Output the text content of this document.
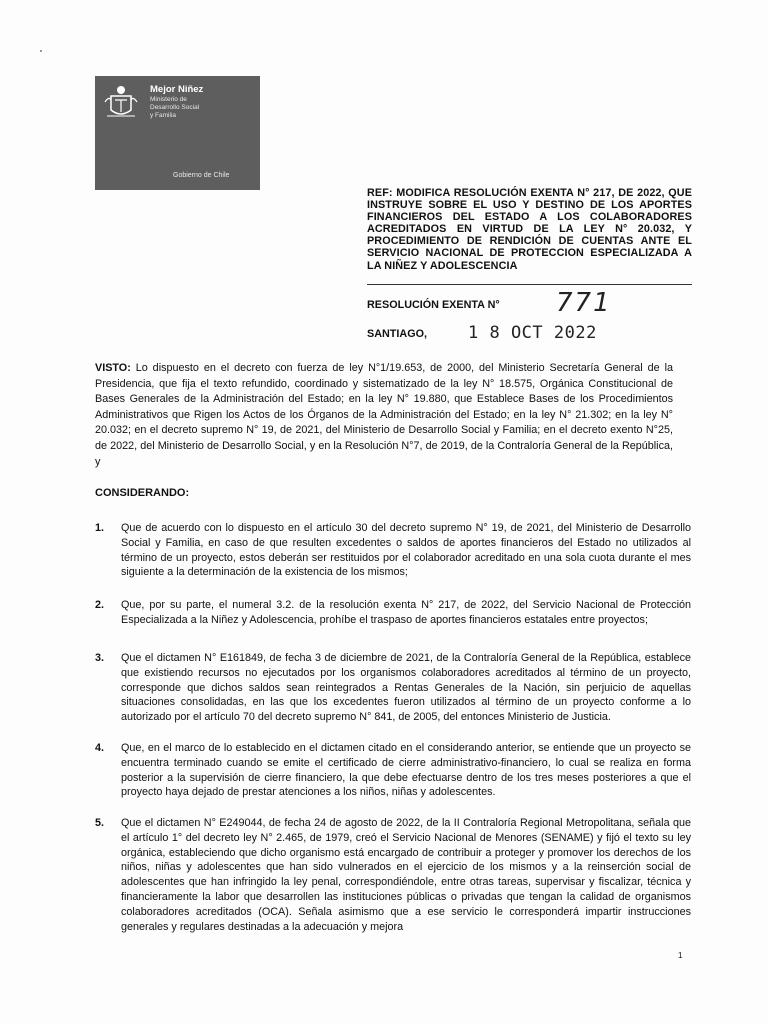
Mejor Niñez
Ministerio de
Desarrollo Social
y Familia
Gobierno de Chile
REF: MODIFICA RESOLUCIÓN EXENTA N° 217, DE 2022, QUE INSTRUYE SOBRE EL USO Y DESTINO DE LOS APORTES FINANCIEROS DEL ESTADO A LOS COLABORADORES ACREDITADOS EN VIRTUD DE LA LEY N° 20.032, Y PROCEDIMIENTO DE RENDICIÓN DE CUENTAS ANTE EL SERVICIO NACIONAL DE PROTECCION ESPECIALIZADA A LA NIÑEZ Y ADOLESCENCIA
RESOLUCIÓN EXENTA N° 771
SANTIAGO, 1 8 OCT 2022
VISTO: Lo dispuesto en el decreto con fuerza de ley N°1/19.653, de 2000, del Ministerio Secretaría General de la Presidencia, que fija el texto refundido, coordinado y sistematizado de la ley N° 18.575, Orgánica Constitucional de Bases Generales de la Administración del Estado; en la ley N° 19.880, que Establece Bases de los Procedimientos Administrativos que Rigen los Actos de los Órganos de la Administración del Estado; en la ley N° 21.302; en la ley N° 20.032; en el decreto supremo N° 19, de 2021, del Ministerio de Desarrollo Social y Familia; en el decreto exento N°25, de 2022, del Ministerio de Desarrollo Social, y en la Resolución N°7, de 2019, de la Contraloría General de la República, y
CONSIDERANDO:
1. Que de acuerdo con lo dispuesto en el artículo 30 del decreto supremo N° 19, de 2021, del Ministerio de Desarrollo Social y Familia, en caso de que resulten excedentes o saldos de aportes financieros del Estado no utilizados al término de un proyecto, estos deberán ser restituidos por el colaborador acreditado en una sola cuota durante el mes siguiente a la determinación de la existencia de los mismos;
2. Que, por su parte, el numeral 3.2. de la resolución exenta N° 217, de 2022, del Servicio Nacional de Protección Especializada a la Niñez y Adolescencia, prohíbe el traspaso de aportes financieros estatales entre proyectos;
3. Que el dictamen N° E161849, de fecha 3 de diciembre de 2021, de la Contraloría General de la República, establece que existiendo recursos no ejecutados por los organismos colaboradores acreditados al término de un proyecto, corresponde que dichos saldos sean reintegrados a Rentas Generales de la Nación, sin perjuicio de aquellas situaciones consolidadas, en las que los excedentes fueron utilizados al término de un proyecto conforme a lo autorizado por el artículo 70 del decreto supremo N° 841, de 2005, del entonces Ministerio de Justicia.
4. Que, en el marco de lo establecido en el dictamen citado en el considerando anterior, se entiende que un proyecto se encuentra terminado cuando se emite el certificado de cierre administrativo-financiero, lo cual se realiza en forma posterior a la supervisión de cierre financiero, la que debe efectuarse dentro de los tres meses posteriores a que el proyecto haya dejado de prestar atenciones a los niños, niñas y adolescentes.
5. Que el dictamen N° E249044, de fecha 24 de agosto de 2022, de la II Contraloría Regional Metropolitana, señala que el artículo 1° del decreto ley N° 2.465, de 1979, creó el Servicio Nacional de Menores (SENAME) y fijó el texto su ley orgánica, estableciendo que dicho organismo está encargado de contribuir a proteger y promover los derechos de los niños, niñas y adolescentes que han sido vulnerados en el ejercicio de los mismos y a la reinserción social de adolescentes que han infringido la ley penal, correspondiéndole, entre otras tareas, supervisar y fiscalizar, técnica y financieramente la labor que desarrollen las instituciones públicas o privadas que tengan la calidad de organismos colaboradores acreditados (OCA). Señala asimismo que a ese servicio le corresponderá impartir instrucciones generales y regulares destinadas a la adecuación y mejora
1
